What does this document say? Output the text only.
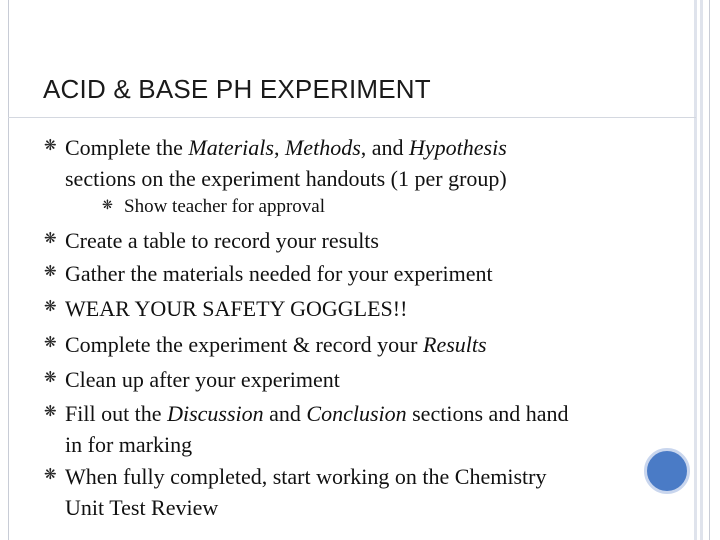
ACID & BASE PH EXPERIMENT
❋ Complete the Materials, Methods, and Hypothesis
sections on the experiment handouts (1 per group)
❋ Show teacher for approval
❋ Create a table to record your results
❋ Gather the materials needed for your experiment
❋ WEAR YOUR SAFETY GOGGLES!!
❋ Complete the experiment & record your Results
❋ Clean up after your experiment
❋ Fill out the Discussion and Conclusion sections and hand
in for marking
❋ When fully completed, start working on the Chemistry
Unit Test Review
